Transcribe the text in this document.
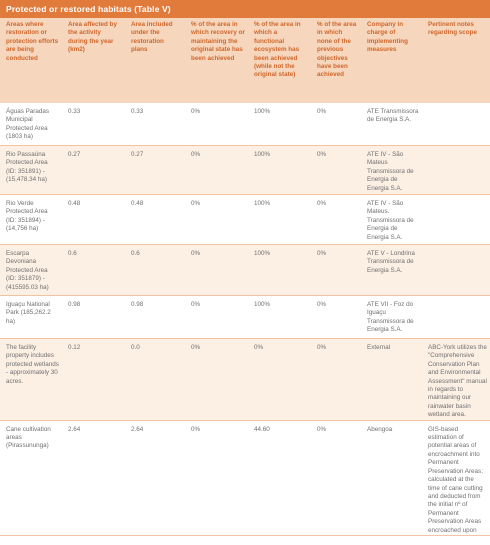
Protected or restored habitats (Table V)
Areas where restoration or protection efforts are being conducted	Area affected by the activity during the year (km2)	Area included under the restoration plans	% of the area in which recovery or maintaining the original state has been achieved	% of the area in which a functional ecosystem has been achieved (while not the original state)	% of the area in which none of the previous objectives have been achieved	Company in charge of implementing measures	Pertinent notes regarding scope
Águas Paradas Municipal Protected Area (1803 ha)	0.33	0.33	0%	100%	0%	ATE Transmissora de Energia S.A.	
Rio Passaúna Protected Area (ID: 351891) - (15,478.34 ha)	0.27	0.27	0%	100%	0%	ATE IV - São Mateus Transmissora de Energia de Energia S.A.	
Rio Verde Protected Area (ID: 351894) - (14,756 ha)	0.48	0.48	0%	100%	0%	ATE IV - São Mateus. Transmissora de Energia de Energia S.A.	
Escarpa Devoniana Protected Area (ID: 351879) - (415595.03 ha)	0.6	0.6	0%	100%	0%	ATE V - Londrina Transmissora de Energia S.A.	
Iguaçu National Park (185,262.2 ha)	0.98	0.98	0%	100%	0%	ATE VII - Foz do Iguaçu Transmissora de Energia S.A.	
The facility property includes protected wetlands - approximately 30 acres.	0.12	0.0	0%	0%	0%	External	ABC-York utilizes the "Comprehensive Conservation Plan and Environmental Assessment" manual in regards to maintaining our rainwater basin wetland area.
Cane cultivation areas (Pirassununga)	2.64	2.64	0%	44.60	0%	Abengoa	GIS-based estimation of potential areas of encroachment into Permanent Preservation Areas; calculated at the time of cane cutting and deducted from the initial nº of Permanent Preservation Areas encroached upon
